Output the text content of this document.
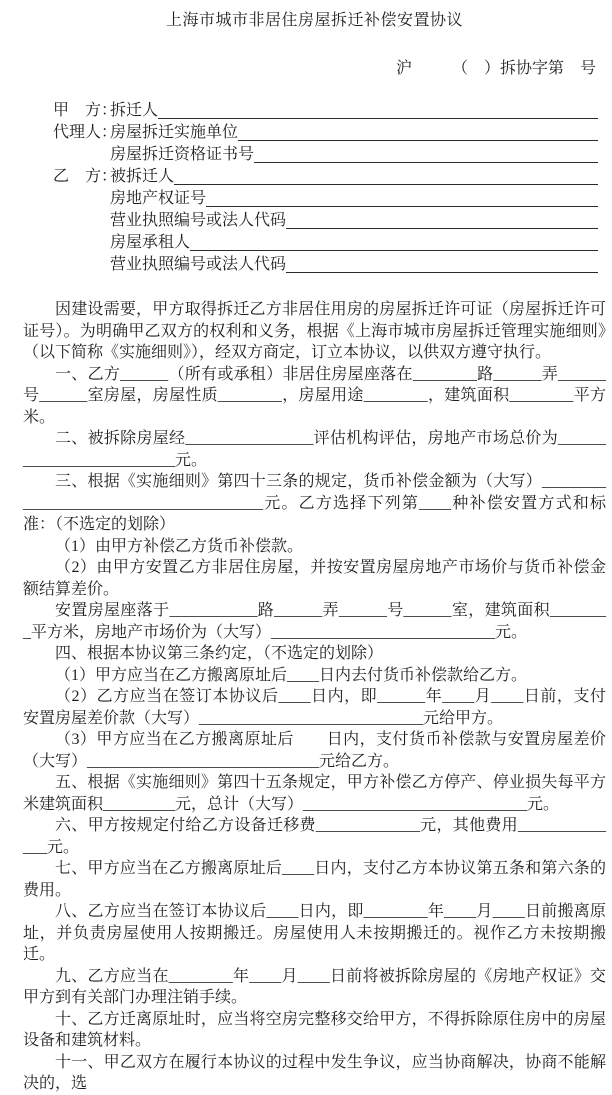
上海市城市非居住房屋拆迁补偿安置协议
沪　　　（　）拆协字第　号
甲　方：
拆迁人
代理人：
房屋拆迁实施单位
房屋拆迁资格证书号
乙　方：
被拆迁人
房地产权证号
营业执照编号或法人代码
房屋承租人
营业执照编号或法人代码

因建设需要，甲方取得拆迁乙方非居住用房的房屋拆迁许可证（房屋拆迁许可证号）。为明确甲乙双方的权利和义务，根据《上海市城市房屋拆迁管理实施细则》（以下简称《实施细则》），经双方商定，订立本协议，以供双方遵守执行。

一、乙方______（所有或承租）非居住房屋座落在________路______弄______号______室房屋，房屋性质________，房屋用途________，建筑面积________平方米。

二、被拆除房屋经________________评估机构评估，房地产市场总价为_________________________元。

三、根据《实施细则》第四十三条的规定，货币补偿金额为（大写）______________________________________元。乙方选择下列第____种补偿安置方式和标准：（不选定的划除）

（1）由甲方补偿乙方货币补偿款。

（2）由甲方安置乙方非居住房屋，并按安置房屋房地产市场价与货币补偿金额结算差价。

安置房屋座落于___________路______弄______号______室，建筑面积________平方米，房地产市场价为（大写）____________________________元。

四、根据本协议第三条约定，（不选定的划除）

（1）甲方应当在乙方搬离原址后____日内去付货币补偿款给乙方。

（2）乙方应当在签订本协议后____日内，即______年____月____日前，支付安置房屋差价款（大写）____________________________元给甲方。

（3）甲方应当在乙方搬离原址后　　日内，支付货币补偿款与安置房屋差价（大写）_____________________________元给乙方。

五、根据《实施细则》第四十五条规定，甲方补偿乙方停产、停业损失每平方米建筑面积_________元，总计（大写）____________________________元。

六、甲方按规定付给乙方设备迁移费_____________元，其他费用______________元。

七、甲方应当在乙方搬离原址后____日内，支付乙方本协议第五条和第六条的费用。

八、乙方应当在签订本协议后____日内，即________年____月____日前搬离原址，并负责房屋使用人按期搬迁。房屋使用人未按期搬迁的。视作乙方未按期搬迁。

九、乙方应当在________年____月____日前将被拆除房屋的《房地产权证》交甲方到有关部门办理注销手续。

十、乙方迁离原址时，应当将空房完整移交给甲方，不得拆除原住房中的房屋设备和建筑材料。

十一、甲乙双方在履行本协议的过程中发生争议，应当协商解决，协商不能解决的，选
